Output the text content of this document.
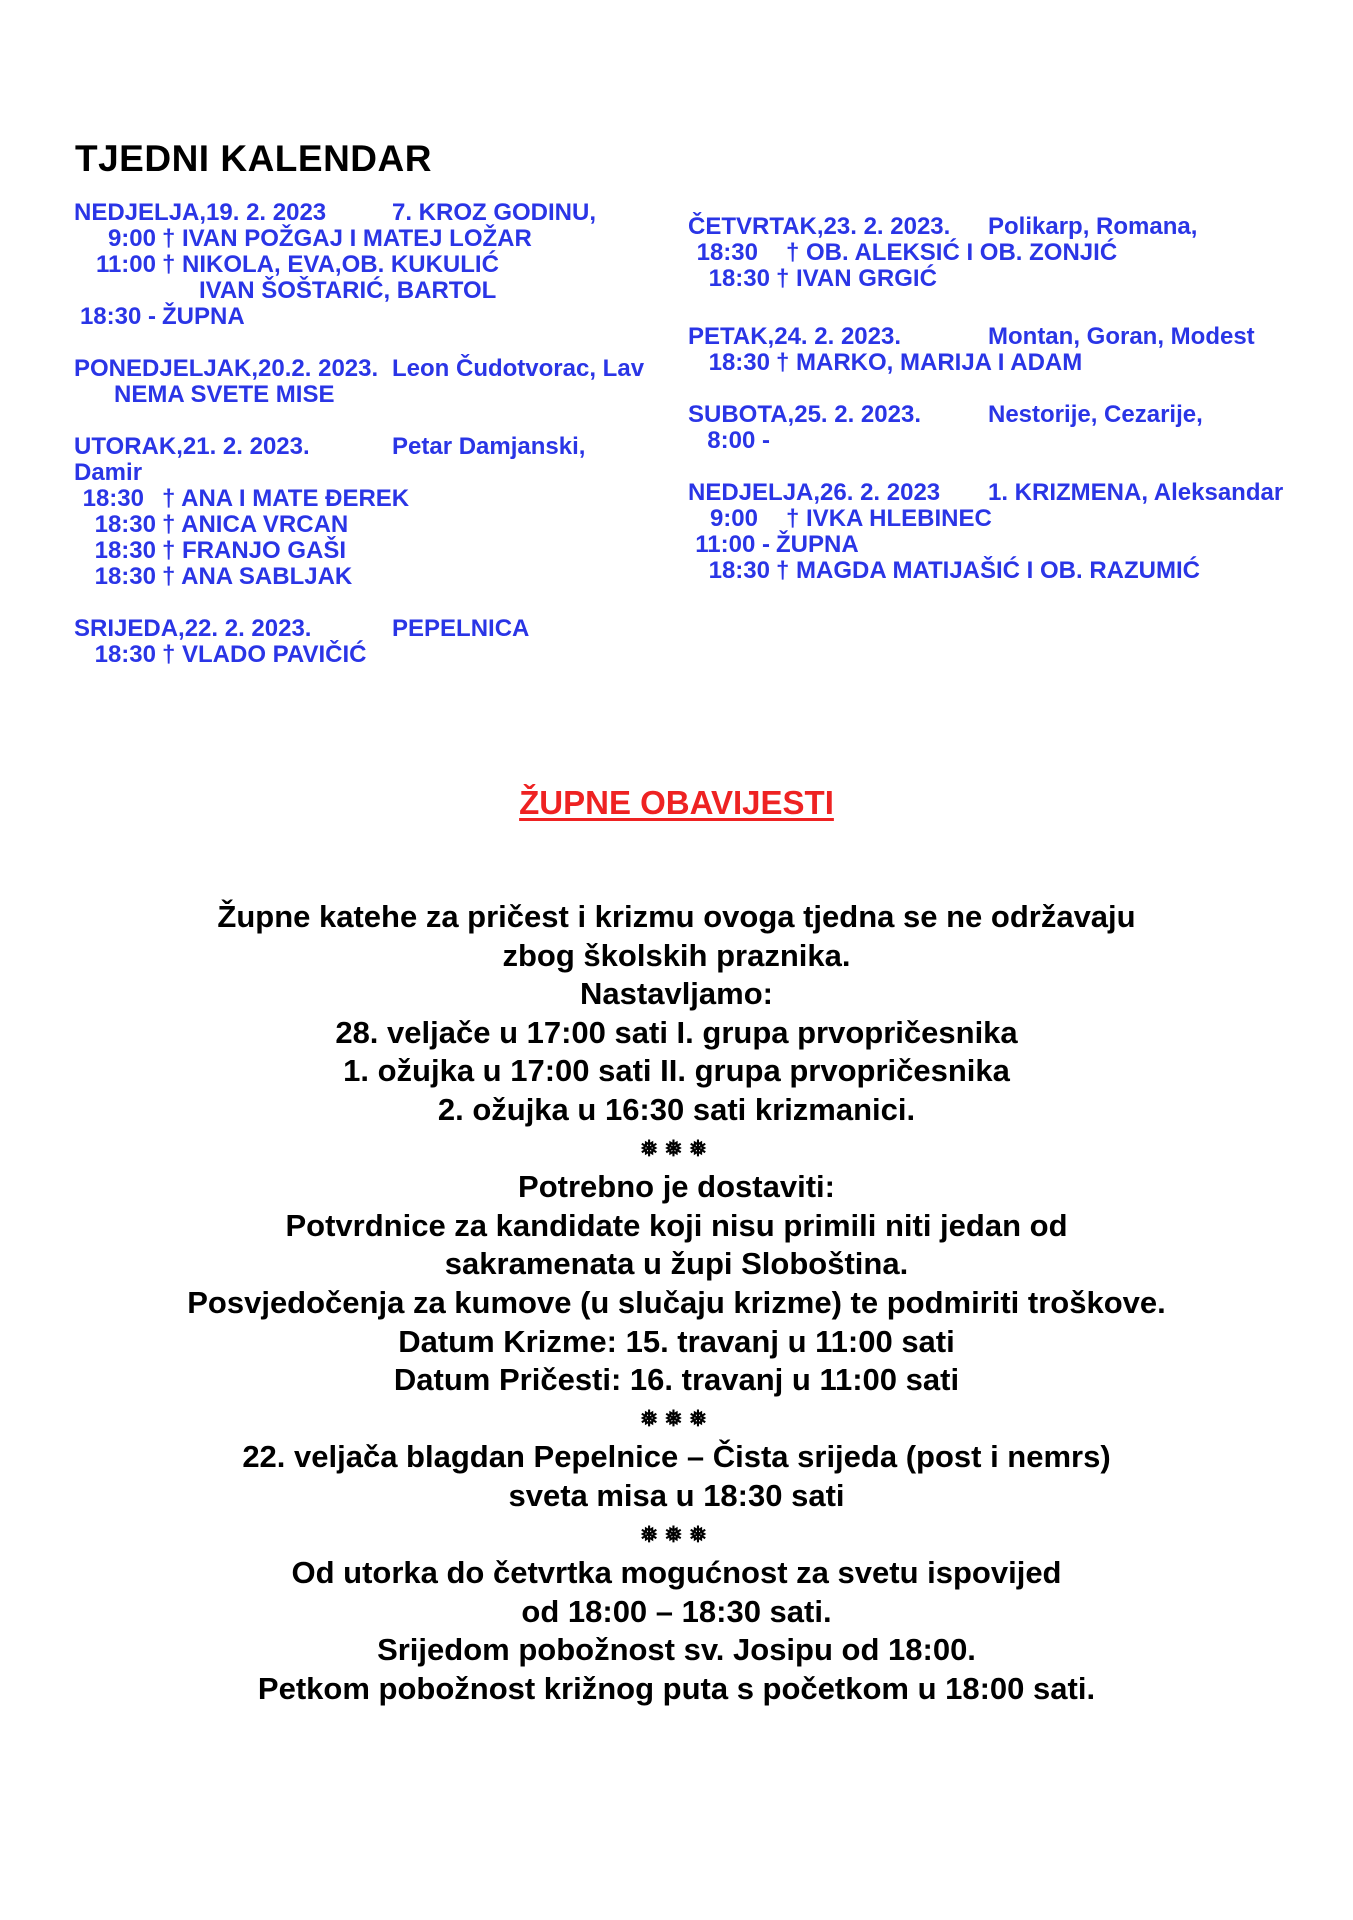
TJEDNI KALENDAR
NEDJELJA,19. 2. 2023	7. KROZ GODINU,
9:00 † IVAN POŽGAJ I MATEJ LOŽAR
11:00 † NIKOLA, EVA,OB. KUKULIĆ
IVAN ŠOŠTARIĆ, BARTOL
18:30 - ŽUPNA
PONEDJELJAK,20.2. 2023. Leon Čudotvorac, Lav
NEMA SVETE MISE
UTORAK,21. 2. 2023.	Petar Damjanski,
Damir
18:30 † ANA I MATE ĐEREK
18:30 † ANICA VRCAN
18:30 † FRANJO GAŠI
18:30 † ANA SABLJAK
SRIJEDA,22. 2. 2023.	PEPELNICA
18:30 † VLADO PAVIČIĆ
ČETVRTAK,23. 2. 2023. Polikarp, Romana,
18:30 † OB. ALEKSIĆ I OB. ZONJIĆ
18:30 † IVAN GRGIĆ
PETAK,24. 2. 2023.	Montan, Goran, Modest
18:30 † MARKO, MARIJA I ADAM
SUBOTA,25. 2. 2023.	Nestorije, Cezarije,
8:00 -
NEDJELJA,26. 2. 2023 1. KRIZMENA, Aleksandar
9:00 † IVKA HLEBINEC
11:00 - ŽUPNA
18:30 † MAGDA MATIJAŠIĆ I OB. RAZUMIĆ
ŽUPNE OBAVIJESTI
Župne katehe za pričest i krizmu ovoga tjedna se ne održavaju
zbog školskih praznika.
Nastavljamo:
28. veljače u 17:00 sati I. grupa prvopričesnika
1. ožujka u 17:00 sati II. grupa prvopričesnika
2. ožujka u 16:30 sati krizmanici.
❅❅❅
Potrebno je dostaviti:
Potvrdnice za kandidate koji nisu primili niti jedan od
sakramenata u župi Sloboština.
Posvjedočenja za kumove (u slučaju krizme) te podmiriti troškove.
Datum Krizme: 15. travanj u 11:00 sati
Datum Pričesti: 16. travanj u 11:00 sati
❅❅❅
22. veljača blagdan Pepelnice – Čista srijeda (post i nemrs)
sveta misa u 18:30 sati
❅❅❅
Od utorka do četvrtka mogućnost za svetu ispovijed
od 18:00 – 18:30 sati.
Srijedom pobožnost sv. Josipu od 18:00.
Petkom pobožnost križnog puta s početkom u 18:00 sati.
